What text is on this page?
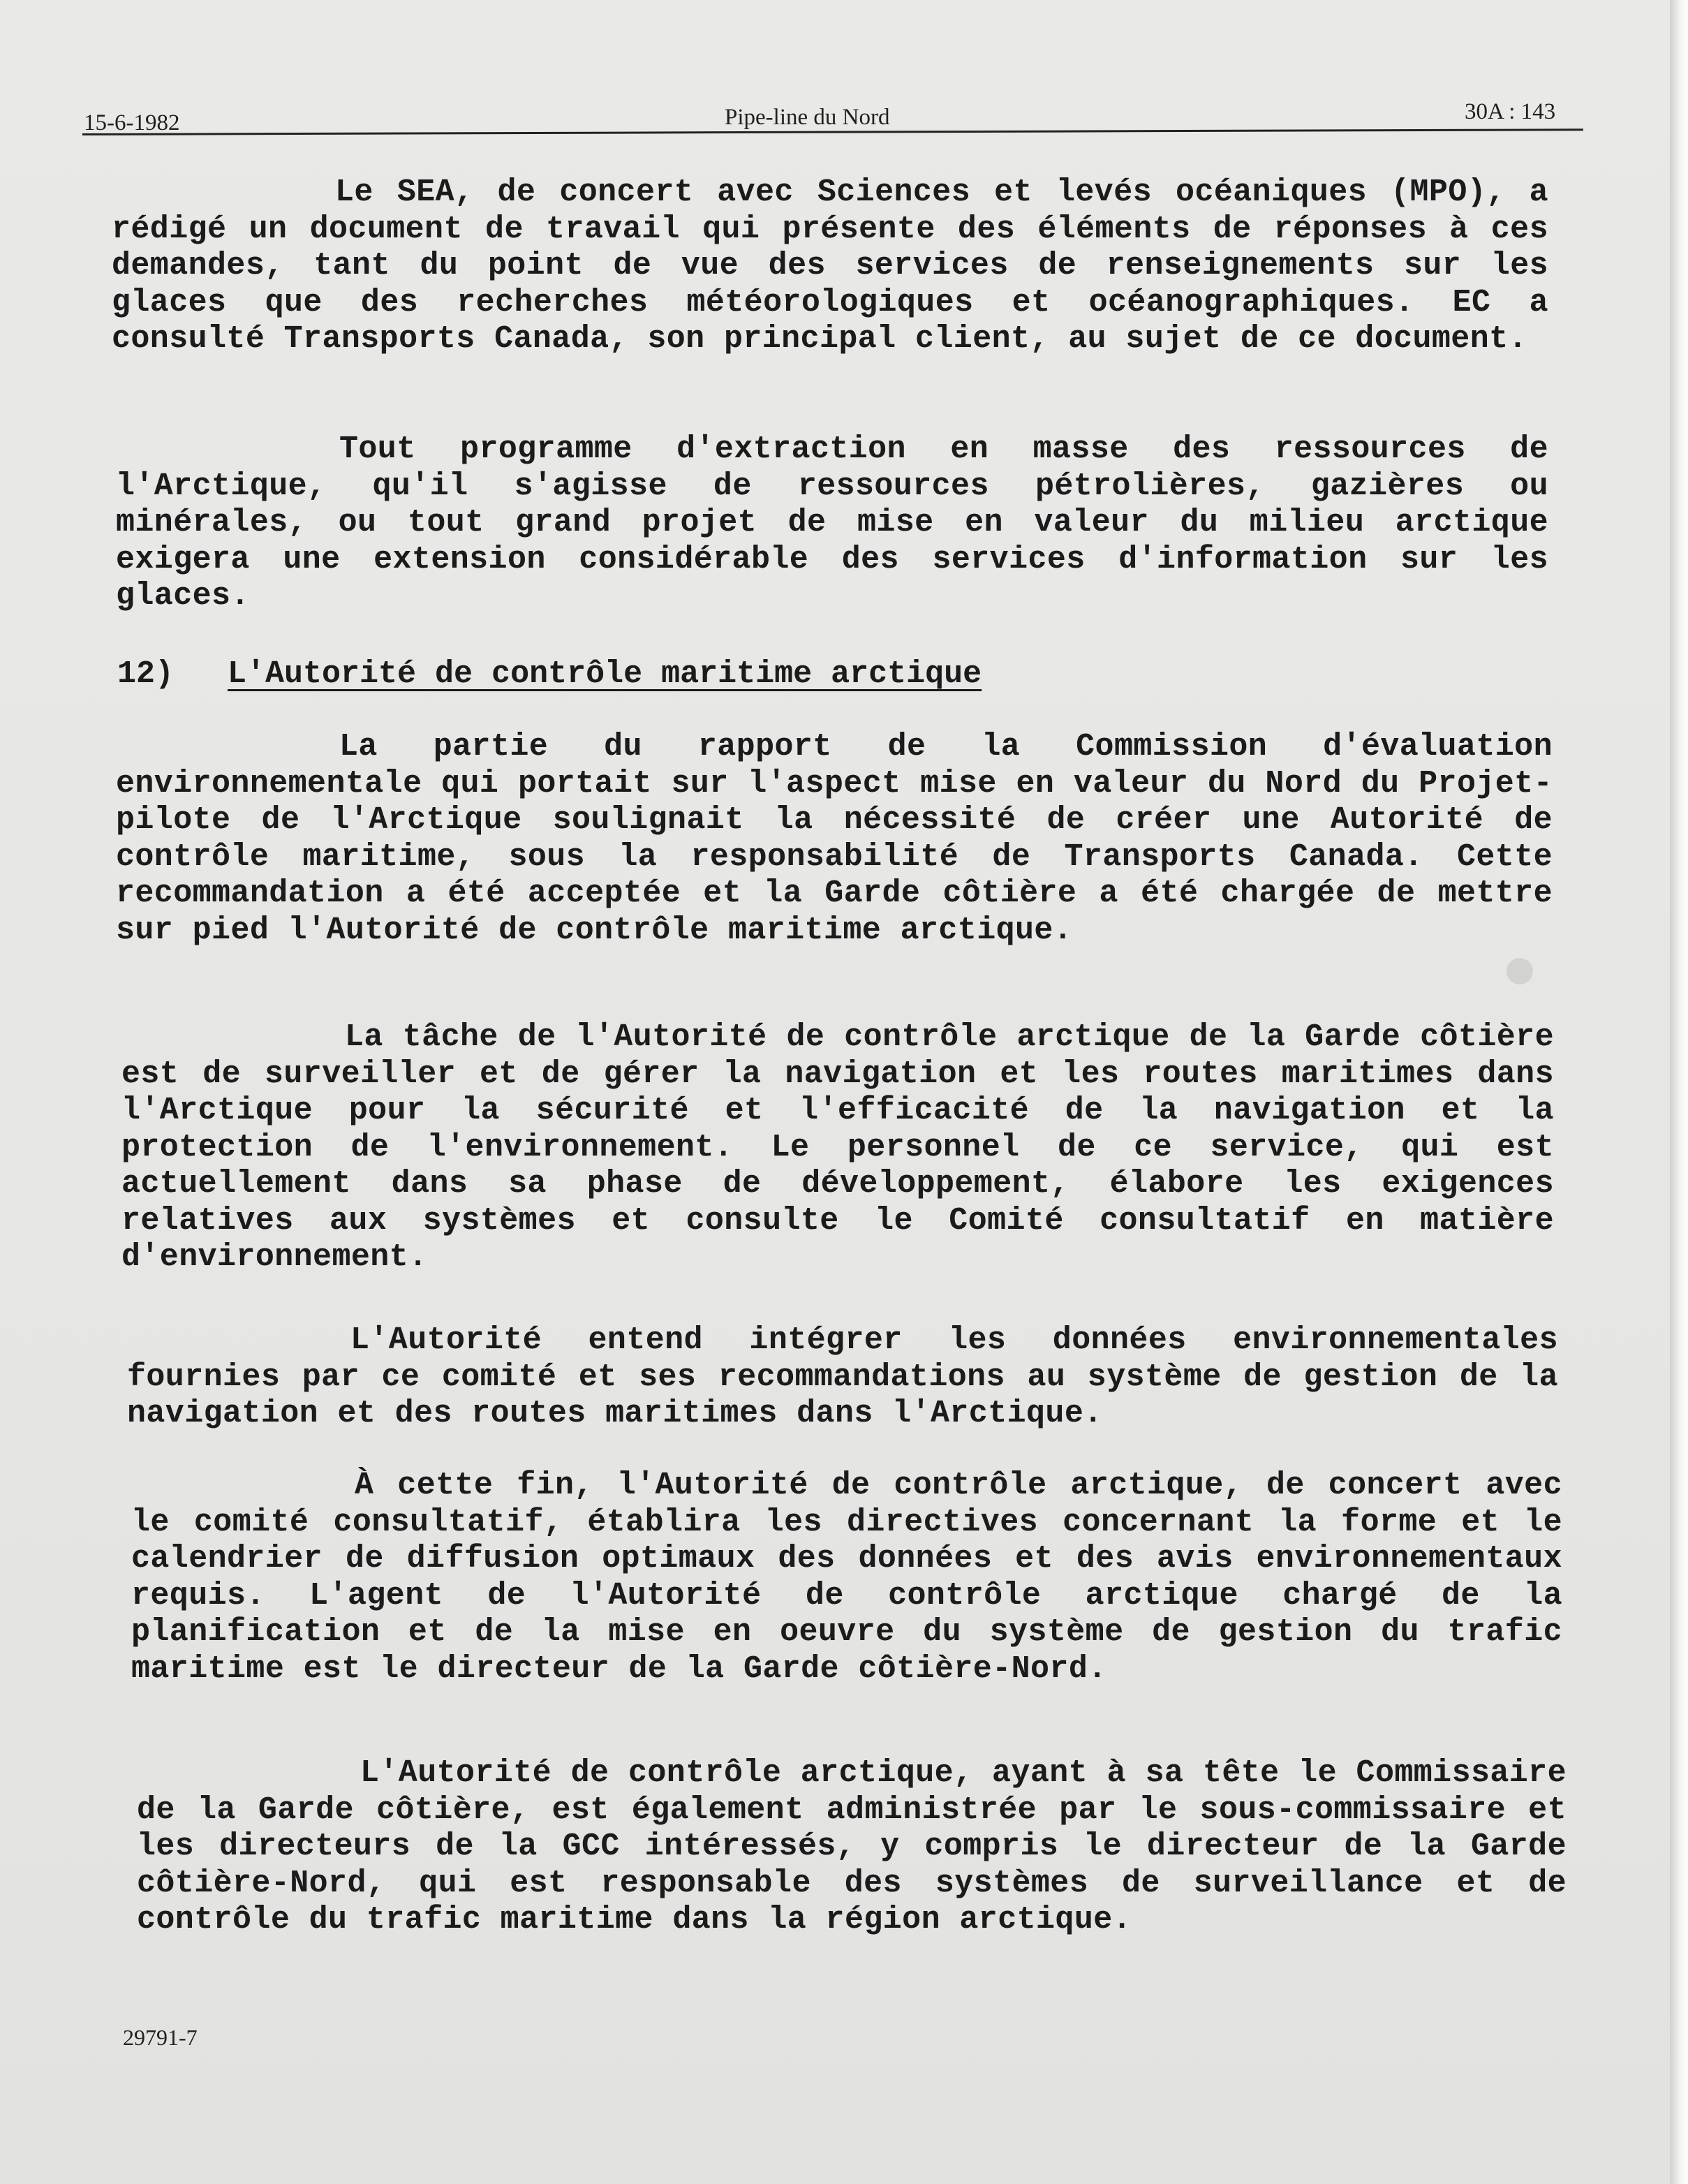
15-6-1982	Pipe-line du Nord	30A : 143
Le SEA, de concert avec Sciences et levés océaniques (MPO), a rédigé un document de travail qui présente des éléments de réponses à ces demandes, tant du point de vue des services de renseignements sur les glaces que des recherches météorologiques et océanographiques. EC a consulté Transports Canada, son principal client, au sujet de ce document.
Tout programme d'extraction en masse des ressources de l'Arctique, qu'il s'agisse de ressources pétrolières, gazières ou minérales, ou tout grand projet de mise en valeur du milieu arctique exigera une extension considérable des services d'information sur les glaces.
12) L'Autorité de contrôle maritime arctique
La partie du rapport de la Commission d'évaluation environnementale qui portait sur l'aspect mise en valeur du Nord du Projet-pilote de l'Arctique soulignait la nécessité de créer une Autorité de contrôle maritime, sous la responsabilité de Transports Canada. Cette recommandation a été acceptée et la Garde côtière a été chargée de mettre sur pied l'Autorité de contrôle maritime arctique.
La tâche de l'Autorité de contrôle arctique de la Garde côtière est de surveiller et de gérer la navigation et les routes maritimes dans l'Arctique pour la sécurité et l'efficacité de la navigation et la protection de l'environnement. Le personnel de ce service, qui est actuellement dans sa phase de développement, élabore les exigences relatives aux systèmes et consulte le Comité consultatif en matière d'environnement.
L'Autorité entend intégrer les données environnementales fournies par ce comité et ses recommandations au système de gestion de la navigation et des routes maritimes dans l'Arctique.
À cette fin, l'Autorité de contrôle arctique, de concert avec le comité consultatif, établira les directives concernant la forme et le calendrier de diffusion optimaux des données et des avis environnementaux requis. L'agent de l'Autorité de contrôle arctique chargé de la planification et de la mise en oeuvre du système de gestion du trafic maritime est le directeur de la Garde côtière-Nord.
L'Autorité de contrôle arctique, ayant à sa tête le Commissaire de la Garde côtière, est également administrée par le sous-commissaire et les directeurs de la GCC intéressés, y compris le directeur de la Garde côtière-Nord, qui est responsable des systèmes de surveillance et de contrôle du trafic maritime dans la région arctique.
29791-7
